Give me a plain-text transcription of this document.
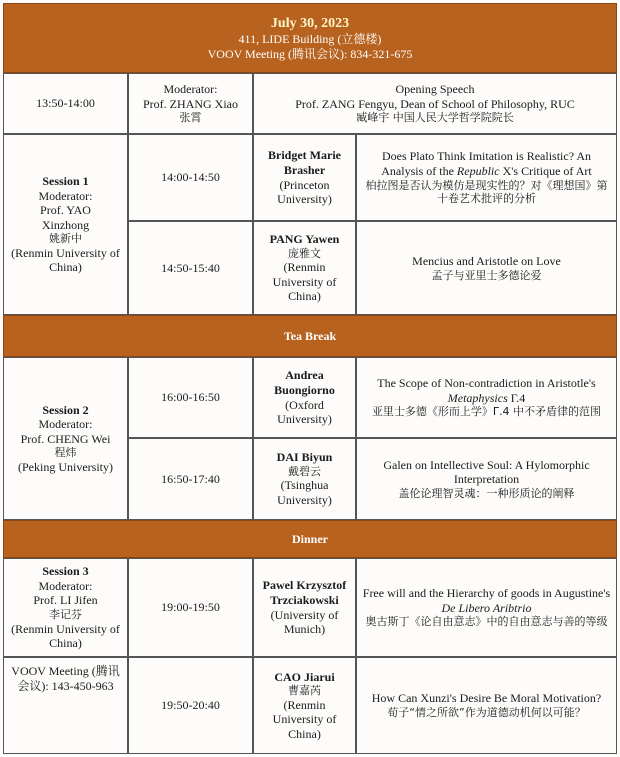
July 30, 2023
411, LIDE Building (立德楼)
VOOV Meeting (腾讯会议): 834-321-675
13:50-14:00
Moderator:
Prof. ZHANG Xiao
张霄
Opening Speech
Prof. ZANG Fengyu, Dean of School of Philosophy, RUC
臧峰宇 中国人民大学哲学院院长
Session 1
Moderator:
Prof. YAO
Xinzhong
姚新中
(Renmin University of China)
14:00-14:50
Bridget Marie Brasher
(Princeton University)
Does Plato Think Imitation is Realistic? An Analysis of the Republic X's Critique of Art
柏拉图是否认为模仿是现实性的？对《理想国》第十卷艺术批评的分析
14:50-15:40
PANG Yawen
庞雅文
(Renmin University of China)
Mencius and Aristotle on Love
孟子与亚里士多德论爱
Tea Break
Session 2
Moderator:
Prof. CHENG Wei
程炜
(Peking University)
16:00-16:50
Andrea Buongiorno
(Oxford University)
The Scope of Non-contradiction in Aristotle's Metaphysics Γ.4
亚里士多德《形而上学》Γ.4 中不矛盾律的范围
16:50-17:40
DAI Biyun
戴碧云
(Tsinghua University)
Galen on Intellective Soul: A Hylomorphic Interpretation
盖伦论理智灵魂：一种形质论的阐释
Dinner
Session 3
Moderator:
Prof. LI Jifen
李记芬
(Renmin University of China)
VOOV Meeting (腾讯会议): 143-450-963
19:00-19:50
Pawel Krzysztof Trzciakowski
(University of Munich)
Free will and the Hierarchy of goods in Augustine's De Libero Aribtrio
奥古斯丁《论自由意志》中的自由意志与善的等级
19:50-20:40
CAO Jiarui
曹嘉芮
(Renmin University of China)
How Can Xunzi's Desire Be Moral Motivation?
荀子“情之所欲”作为道德动机何以可能？
